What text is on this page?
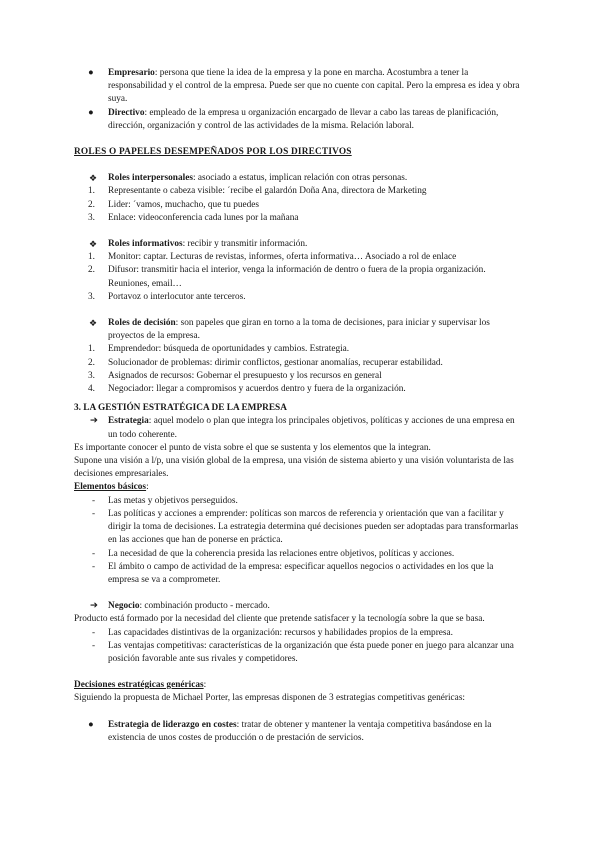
● Empresario: persona que tiene la idea de la empresa y la pone en marcha. Acostumbra a tener la responsabilidad y el control de la empresa. Puede ser que no cuente con capital. Pero la empresa es idea y obra suya.
● Directivo: empleado de la empresa u organización encargado de llevar a cabo las tareas de planificación, dirección, organización y control de las actividades de la misma. Relación laboral.
ROLES O PAPELES DESEMPEÑADOS POR LOS DIRECTIVOS
❖ Roles interpersonales: asociado a estatus, implican relación con otras personas.
1. Representante o cabeza visible: ´recibe el galardón Doña Ana, directora de Marketing
2. Lider: ´vamos, muchacho, que tu puedes
3. Enlace: videoconferencia cada lunes por la mañana
❖ Roles informativos: recibir y transmitir información.
1. Monitor: captar. Lecturas de revistas, informes, oferta informativa… Asociado a rol de enlace
2. Difusor: transmitir hacia el interior, venga la información de dentro o fuera de la propia organización. Reuniones, email…
3. Portavoz o interlocutor ante terceros.
❖ Roles de decisión: son papeles que giran en torno a la toma de decisiones, para iniciar y supervisar los proyectos de la empresa.
1. Emprendedor: búsqueda de oportunidades y cambios. Estrategia.
2. Solucionador de problemas: dirimir conflictos, gestionar anomalías, recuperar estabilidad.
3. Asignados de recursos: Gobernar el presupuesto y los recursos en general
4. Negociador: llegar a compromisos y acuerdos dentro y fuera de la organización.
3. LA GESTIÓN ESTRATÉGICA DE LA EMPRESA
➔ Estrategia: aquel modelo o plan que integra los principales objetivos, políticas y acciones de una empresa en un todo coherente.

Es importante conocer el punto de vista sobre el que se sustenta y los elementos que la integran.

Supone una visión a l/p, una visión global de la empresa, una visión de sistema abierto y una visión voluntarista de las decisiones empresariales.

Elementos básicos:

- Las metas y objetivos perseguidos.
- Las políticas y acciones a emprender: políticas son marcos de referencia y orientación que van a facilitar y dirigir la toma de decisiones. La estrategia determina qué decisiones pueden ser adoptadas para transformarlas en las acciones que han de ponerse en práctica.
- La necesidad de que la coherencia presida las relaciones entre objetivos, políticas y acciones.
- El ámbito o campo de actividad de la empresa: especificar aquellos negocios o actividades en los que la empresa se va a comprometer.
➔ Negocio: combinación producto - mercado.

Producto está formado por la necesidad del cliente que pretende satisfacer y la tecnología sobre la que se basa.

- Las capacidades distintivas de la organización: recursos y habilidades propios de la empresa.
- Las ventajas competitivas: características de la organización que ésta puede poner en juego para alcanzar una posición favorable ante sus rivales y competidores.

Decisiones estratégicas genéricas:

Siguiendo la propuesta de Michael Porter, las empresas disponen de 3 estrategias competitivas genéricas:

● Estrategia de liderazgo en costes: tratar de obtener y mantener la ventaja competitiva basándose en la existencia de unos costes de producción o de prestación de servicios.
